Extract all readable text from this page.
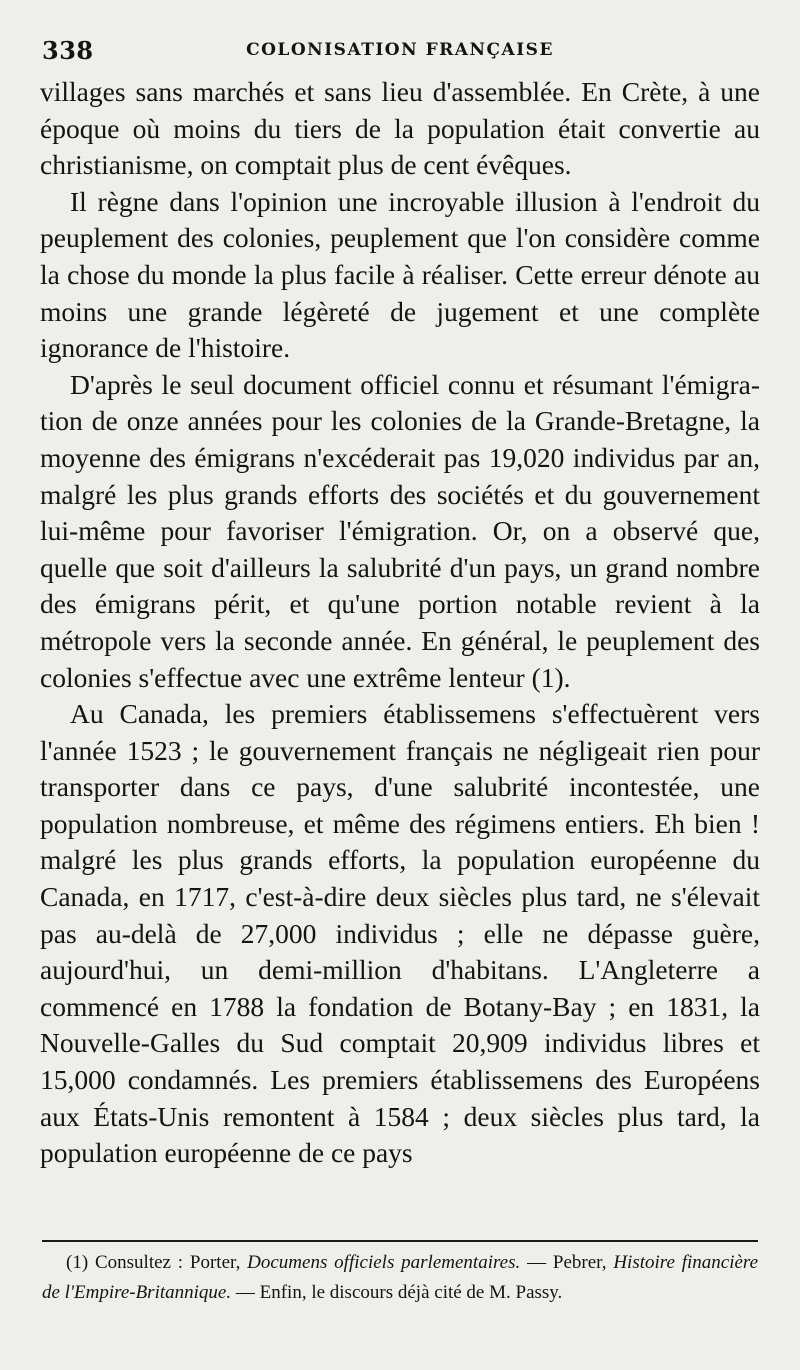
338	COLONISATION FRANÇAISE

villages sans marchés et sans lieu d'assemblée. En Crète, à une époque où moins du tiers de la population était convertie au christianisme, on comptait plus de cent évêques.

Il règne dans l'opinion une incroyable illusion à l'endroit du peuplement des colonies, peuplement que l'on considère comme la chose du monde la plus facile à réaliser. Cette erreur dénote au moins une grande légèreté de jugement et une complète ignorance de l'histoire.

D'après le seul document officiel connu et résumant l'émigration de onze années pour les colonies de la Grande-Bretagne, la moyenne des émigrans n'excéderait pas 19,020 individus par an, malgré les plus grands efforts des sociétés et du gouvernement lui-même pour favoriser l'émigration. Or, on a observé que, quelle que soit d'ailleurs la salubrité d'un pays, un grand nombre des émigrans périt, et qu'une portion notable revient à la métropole vers la seconde année. En général, le peuplement des colonies s'effectue avec une extrême lenteur (1).

Au Canada, les premiers établissemens s'effectuèrent vers l'année 1523 ; le gouvernement français ne négligeait rien pour transporter dans ce pays, d'une salubrité incontestée, une population nombreuse, et même des régimens entiers. Eh bien ! malgré les plus grands efforts, la population européenne du Canada, en 1717, c'est-à-dire deux siècles plus tard, ne s'élevait pas au-delà de 27,000 individus ; elle ne dépasse guère, aujourd'hui, un demi-million d'habitans. L'Angleterre a commencé en 1788 la fondation de Botany-Bay ; en 1831, la Nouvelle-Galles du Sud comptait 20,909 individus libres et 15,000 condamnés. Les premiers établissemens des Européens aux États-Unis remontent à 1584 ; deux siècles plus tard, la population européenne de ce pays

(1) Consultez : Porter, Documens officiels parlementaires. — Pebrer, Histoire financière de l'Empire-Britannique. — Enfin, le discours déjà cité de M. Passy.
